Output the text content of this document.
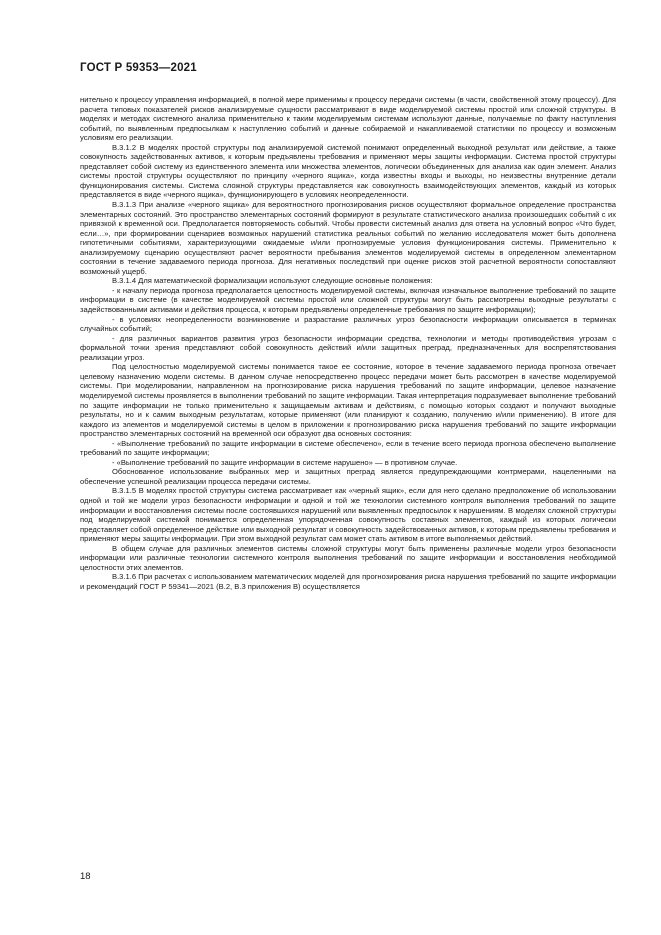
ГОСТ Р 59353—2021

нительно к процессу управления информацией, в полной мере применимы к процессу передачи системы (в части, свойственной этому процессу). Для расчета типовых показателей рисков анализируемые сущности рассматривают в виде моделируемой системы простой или сложной структуры. В моделях и методах системного анализа применительно к таким моделируемым системам используют данные, получаемые по факту наступления событий, по выявленным предпосылкам к наступлению событий и данные собираемой и накапливаемой статистики по процессу и возможным условиям его реализации.

В.3.1.2 В моделях простой структуры под анализируемой системой понимают определенный выходной результат или действие, а также совокупность задействованных активов, к которым предъявлены требования и применяют меры защиты информации. Система простой структуры представляет собой систему из единственного элемента или множества элементов, логически объединенных для анализа как один элемент. Анализ системы простой структуры осуществляют по принципу «черного ящика», когда известны входы и выходы, но неизвестны внутренние детали функционирования системы. Система сложной структуры представляется как совокупность взаимодействующих элементов, каждый из которых представляется в виде «черного ящика», функционирующего в условиях неопределенности.

В.3.1.3 При анализе «черного ящика» для вероятностного прогнозирования рисков осуществляют формальное определение пространства элементарных состояний. Это пространство элементарных состояний формируют в результате статистического анализа произошедших событий с их привязкой к временной оси. Предполагается повторяемость событий. Чтобы провести системный анализ для ответа на условный вопрос «Что будет, если…», при формировании сценариев возможных нарушений статистика реальных событий по желанию исследователя может быть дополнена гипотетичными событиями, характеризующими ожидаемые и/или прогнозируемые условия функционирования системы. Применительно к анализируемому сценарию осуществляют расчет вероятности пребывания элементов моделируемой системы в определенном элементарном состоянии в течение задаваемого периода прогноза. Для негативных последствий при оценке рисков этой расчетной вероятности сопоставляют возможный ущерб.

В.3.1.4 Для математической формализации используют следующие основные положения:

- к началу периода прогноза предполагается целостность моделируемой системы, включая изначальное выполнение требований по защите информации в системе (в качестве моделируемой системы простой или сложной структуры могут быть рассмотрены выходные результаты с задействованными активами и действия процесса, к которым предъявлены определенные требования по защите информации);

- в условиях неопределенности возникновение и разрастание различных угроз безопасности информации описывается в терминах случайных событий;

- для различных вариантов развития угроз безопасности информации средства, технологии и методы противодействия угрозам с формальной точки зрения представляют собой совокупность действий и/или защитных преград, предназначенных для воспрепятствования реализации угроз.

Под целостностью моделируемой системы понимается такое ее состояние, которое в течение задаваемого периода прогноза отвечает целевому назначению модели системы. В данном случае непосредственно процесс передачи может быть рассмотрен в качестве моделируемой системы. При моделировании, направленном на прогнозирование риска нарушения требований по защите информации, целевое назначение моделируемой системы проявляется в выполнении требований по защите информации. Такая интерпретация подразумевает выполнение требований по защите информации не только применительно к защищаемым активам и действиям, с помощью которых создают и получают выходные результаты, но и к самим выходным результатам, которые применяют (или планируют к созданию, получению и/или применению). В итоге для каждого из элементов и моделируемой системы в целом в приложении к прогнозированию риска нарушения требований по защите информации пространство элементарных состояний на временной оси образуют два основных состояния:

- «Выполнение требований по защите информации в системе обеспечено», если в течение всего периода прогноза обеспечено выполнение требований по защите информации;

- «Выполнение требований по защите информации в системе нарушено» — в противном случае.

Обоснованное использование выбранных мер и защитных преград является предупреждающими контрмерами, нацеленными на обеспечение успешной реализации процесса передачи системы.

В.3.1.5 В моделях простой структуры система рассматривает как «черный ящик», если для него сделано предположение об использовании одной и той же модели угроз безопасности информации и одной и той же технологии системного контроля выполнения требований по защите информации и восстановления системы после состоявшихся нарушений или выявленных предпосылок к нарушениям. В моделях сложной структуры под моделируемой системой понимается определенная упорядоченная совокупность составных элементов, каждый из которых логически представляет собой определенное действие или выходной результат и совокупность задействованных активов, к которым предъявлены требования и применяют меры защиты информации. При этом выходной результат сам может стать активом в итоге выполняемых действий.

В общем случае для различных элементов системы сложной структуры могут быть применены различные модели угроз безопасности информации или различные технологии системного контроля выполнения требований по защите информации и восстановления необходимой целостности этих элементов.

В.3.1.6 При расчетах с использованием математических моделей для прогнозирования риска нарушения требований по защите информации и рекомендаций ГОСТ Р 59341—2021 (В.2, В.3 приложения В) осуществляется

18
